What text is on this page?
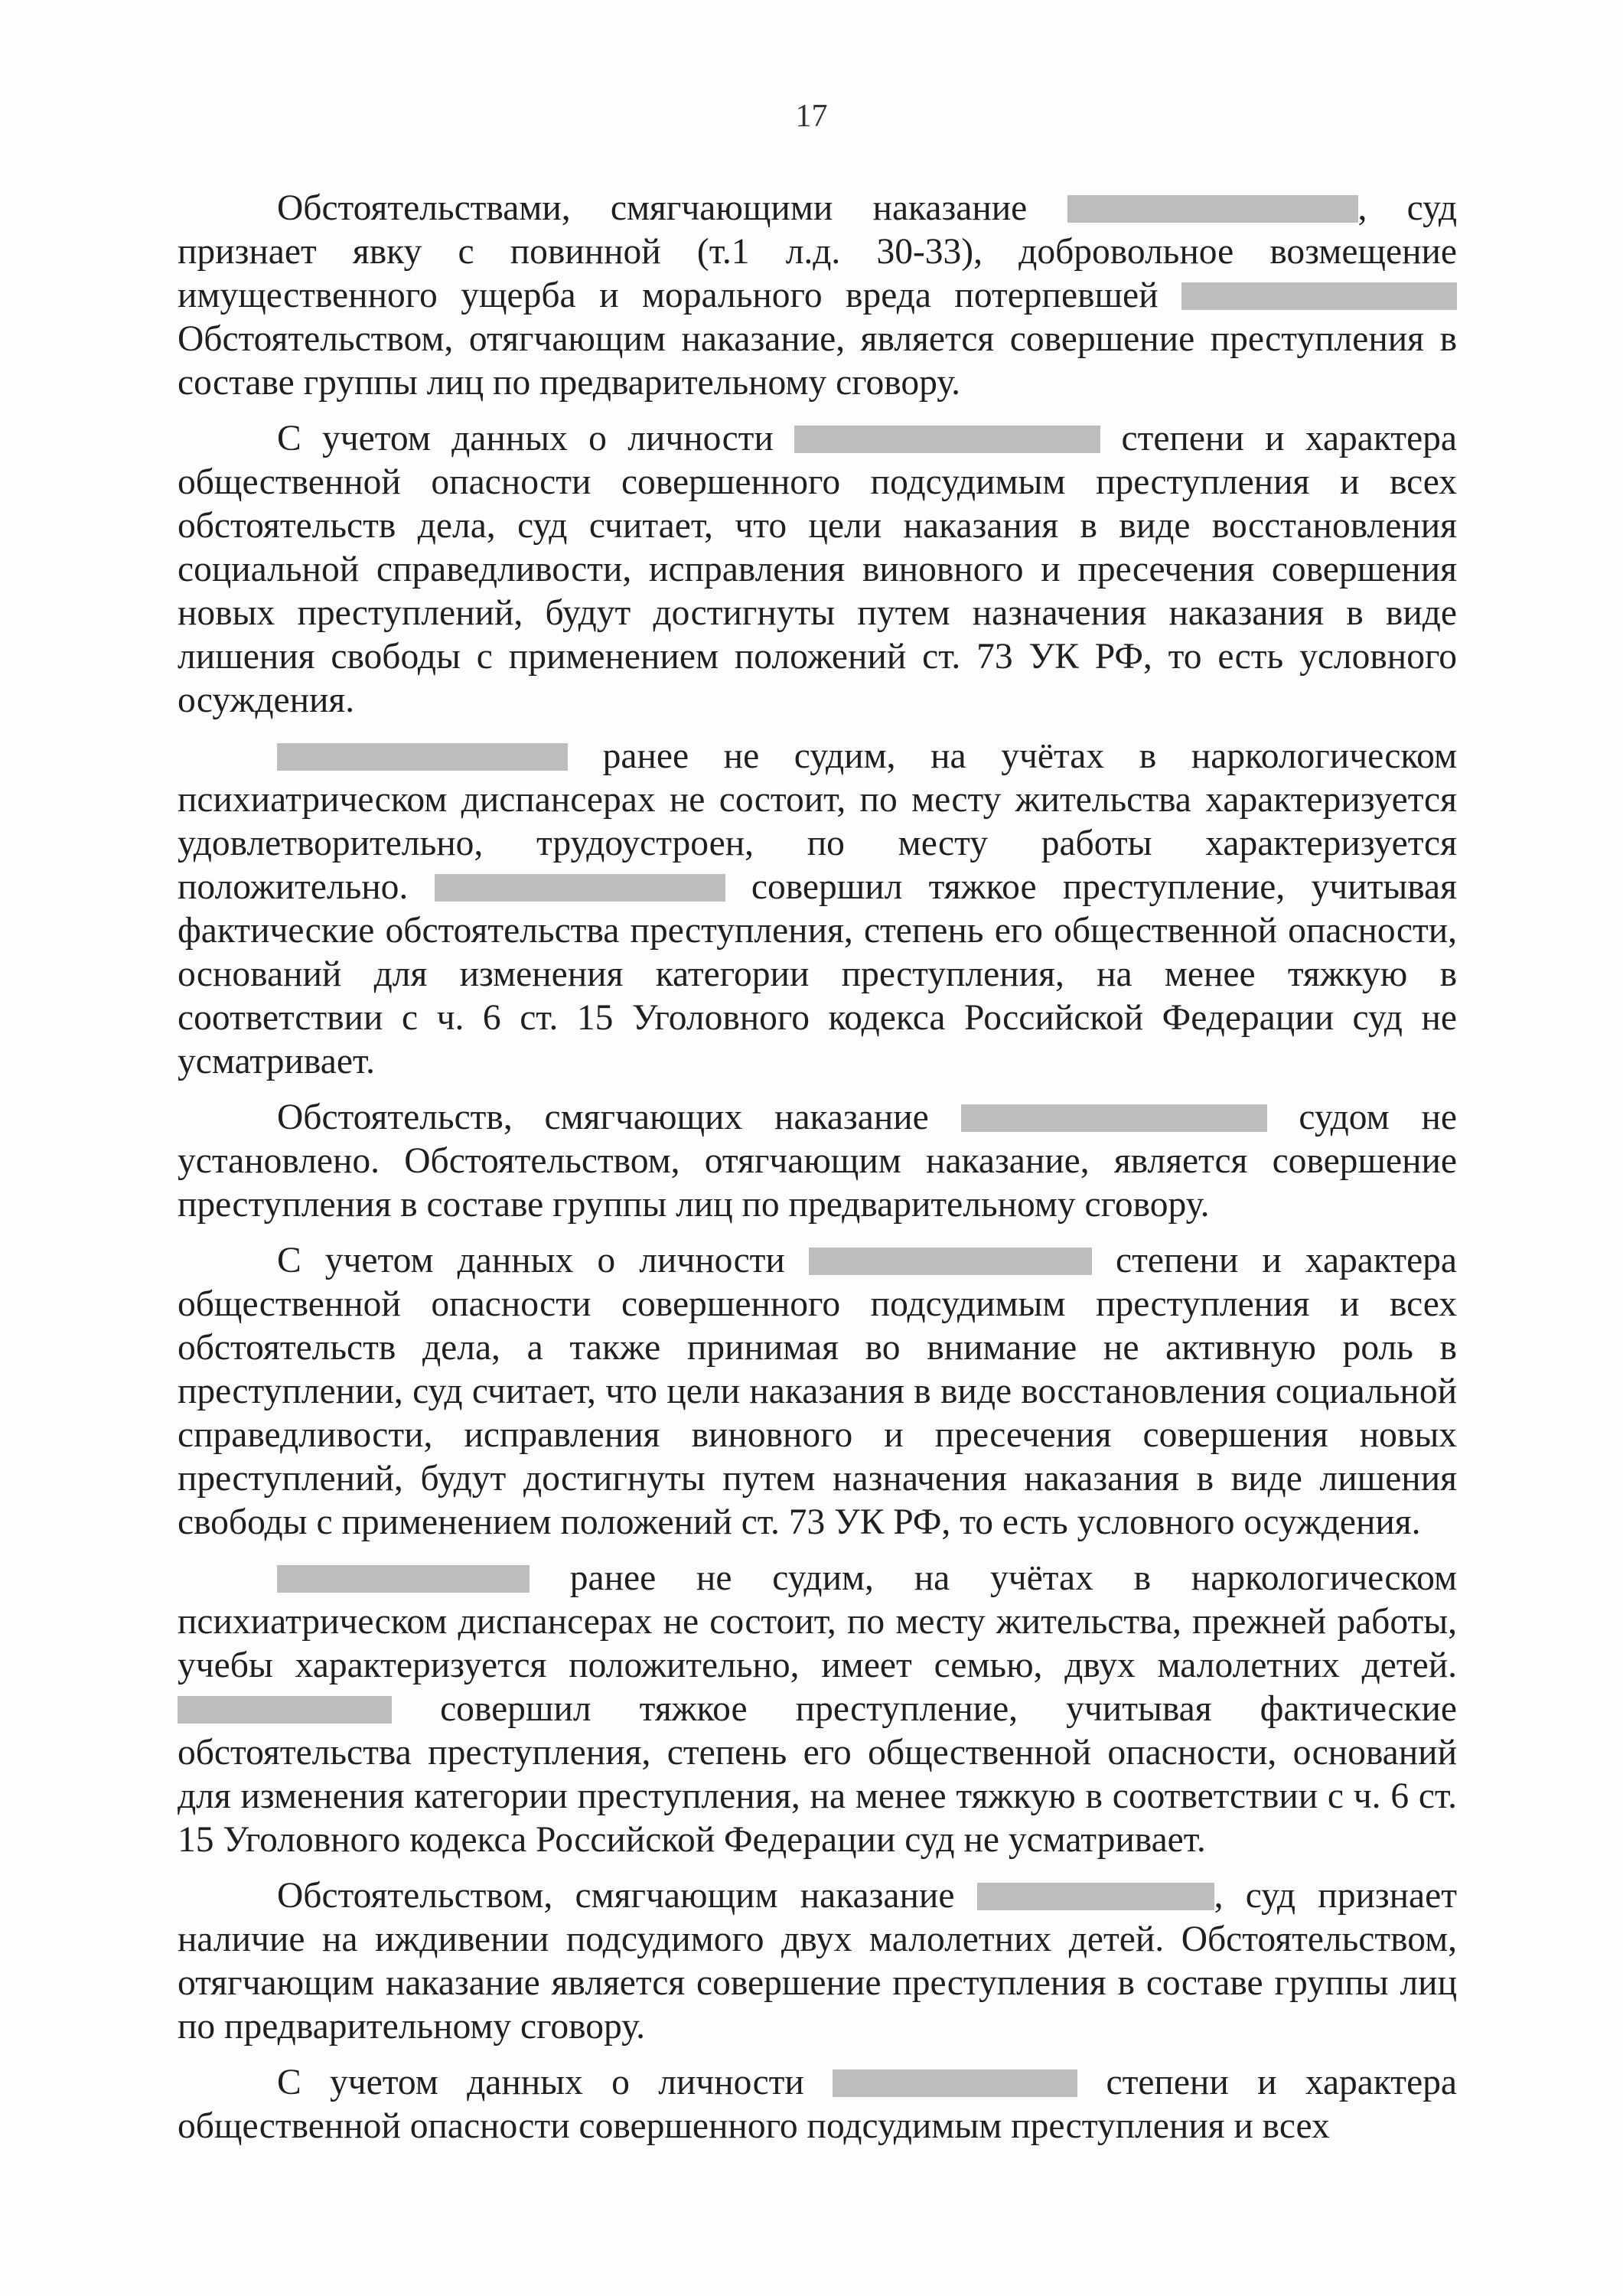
17

Обстоятельствами, смягчающими наказание	, суд признает явку с повинной (т.1 л.д. 30-33), добровольное возмещение имущественного ущерба и морального вреда потерпевшей  Обстоятельством, отягчающим наказание, является совершение преступления в составе группы лиц по предварительному сговору.

С учетом данных о личности	степени и характера общественной опасности совершенного подсудимым преступления и всех обстоятельств дела, суд считает, что цели наказания в виде восстановления социальной справедливости, исправления виновного и пресечения совершения новых преступлений, будут достигнуты путем назначения наказания в виде лишения свободы с применением положений ст. 73 УК РФ, то есть условного осуждения.

ранее не судим, на учётах в наркологическом психиатрическом диспансерах не состоит, по месту жительства характеризуется удовлетворительно, трудоустроен, по месту работы характеризуется положительно.	совершил тяжкое преступление, учитывая фактические обстоятельства преступления, степень его общественной опасности, оснований для изменения категории преступления, на менее тяжкую в соответствии с ч. 6 ст. 15 Уголовного кодекса Российской Федерации суд не усматривает.

Обстоятельств, смягчающих наказание	судом не установлено. Обстоятельством, отягчающим наказание, является совершение преступления в составе группы лиц по предварительному сговору.

С учетом данных о личности	степени и характера общественной опасности совершенного подсудимым преступления и всех обстоятельств дела, а также принимая во внимание не активную роль в преступлении, суд считает, что цели наказания в виде восстановления социальной справедливости, исправления виновного и пресечения совершения новых преступлений, будут достигнуты путем назначения наказания в виде лишения свободы с применением положений ст. 73 УК РФ, то есть условного осуждения.

ранее не судим, на учётах в наркологическом психиатрическом диспансерах не состоит, по месту жительства, прежней работы, учебы характеризуется положительно, имеет семью, двух малолетних детей.  совершил тяжкое преступление, учитывая фактические обстоятельства преступления, степень его общественной опасности, оснований для изменения категории преступления, на менее тяжкую в соответствии с ч. 6 ст. 15 Уголовного кодекса Российской Федерации суд не усматривает.

Обстоятельством, смягчающим наказание	, суд признает наличие на иждивении подсудимого двух малолетних детей. Обстоятельством, отягчающим наказание является совершение преступления в составе группы лиц по предварительному сговору.

С учетом данных о личности	степени и характера общественной опасности совершенного подсудимым преступления и всех
